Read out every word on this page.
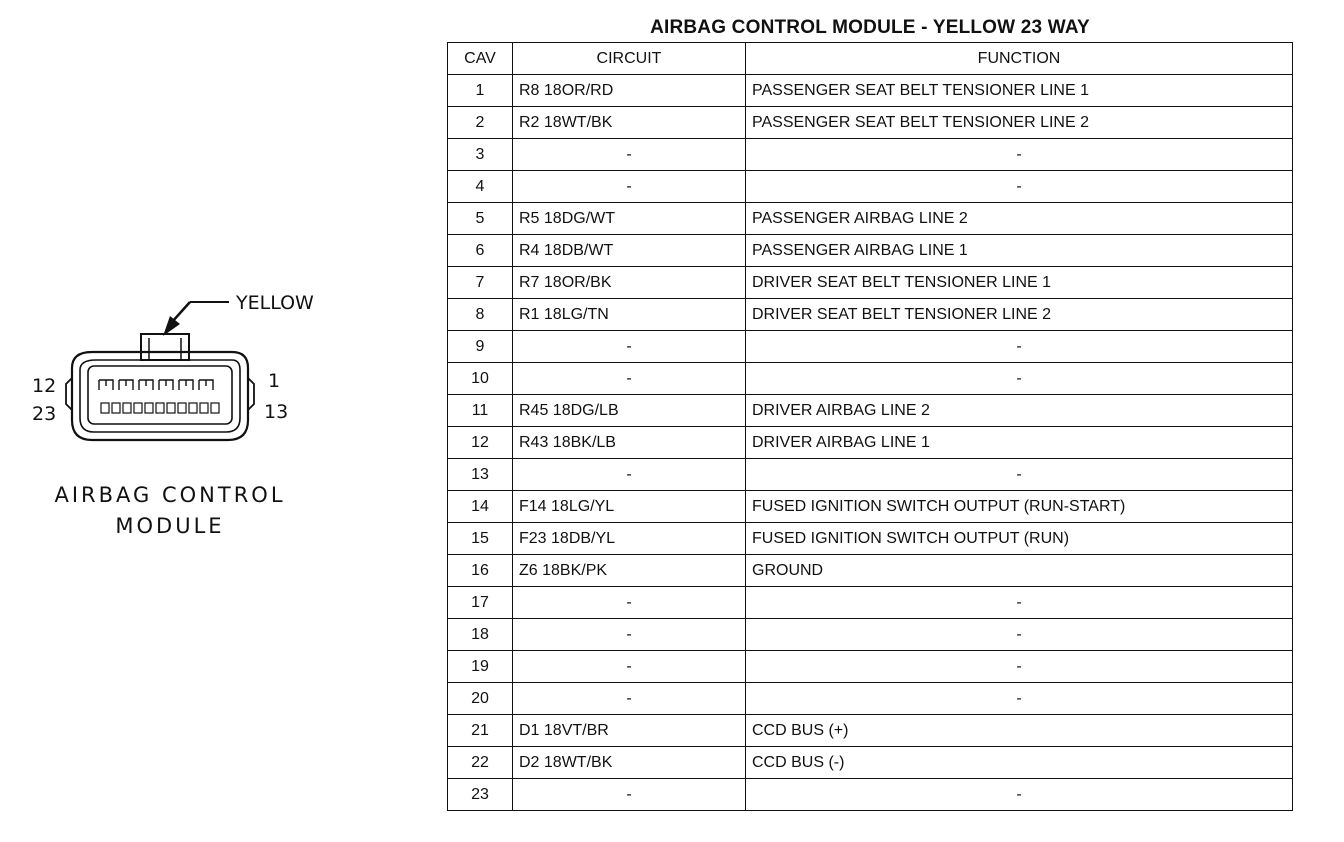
YELLOW
12	1
23	13
AIRBAG CONTROL
MODULE
AIRBAG CONTROL MODULE - YELLOW 23 WAY
CAV	CIRCUIT	FUNCTION
1	R8 18OR/RD	PASSENGER SEAT BELT TENSIONER LINE 1
2	R2 18WT/BK	PASSENGER SEAT BELT TENSIONER LINE 2
3	-	-
4	-	-
5	R5 18DG/WT	PASSENGER AIRBAG LINE 2
6	R4 18DB/WT	PASSENGER AIRBAG LINE 1
7	R7 18OR/BK	DRIVER SEAT BELT TENSIONER LINE 1
8	R1 18LG/TN	DRIVER SEAT BELT TENSIONER LINE 2
9	-	-
10	-	-
11	R45 18DG/LB	DRIVER AIRBAG LINE 2
12	R43 18BK/LB	DRIVER AIRBAG LINE 1
13	-	-
14	F14 18LG/YL	FUSED IGNITION SWITCH OUTPUT (RUN-START)
15	F23 18DB/YL	FUSED IGNITION SWITCH OUTPUT (RUN)
16	Z6 18BK/PK	GROUND
17	-	-
18	-	-
19	-	-
20	-	-
21	D1 18VT/BR	CCD BUS (+)
22	D2 18WT/BK	CCD BUS (-)
23	-	-
